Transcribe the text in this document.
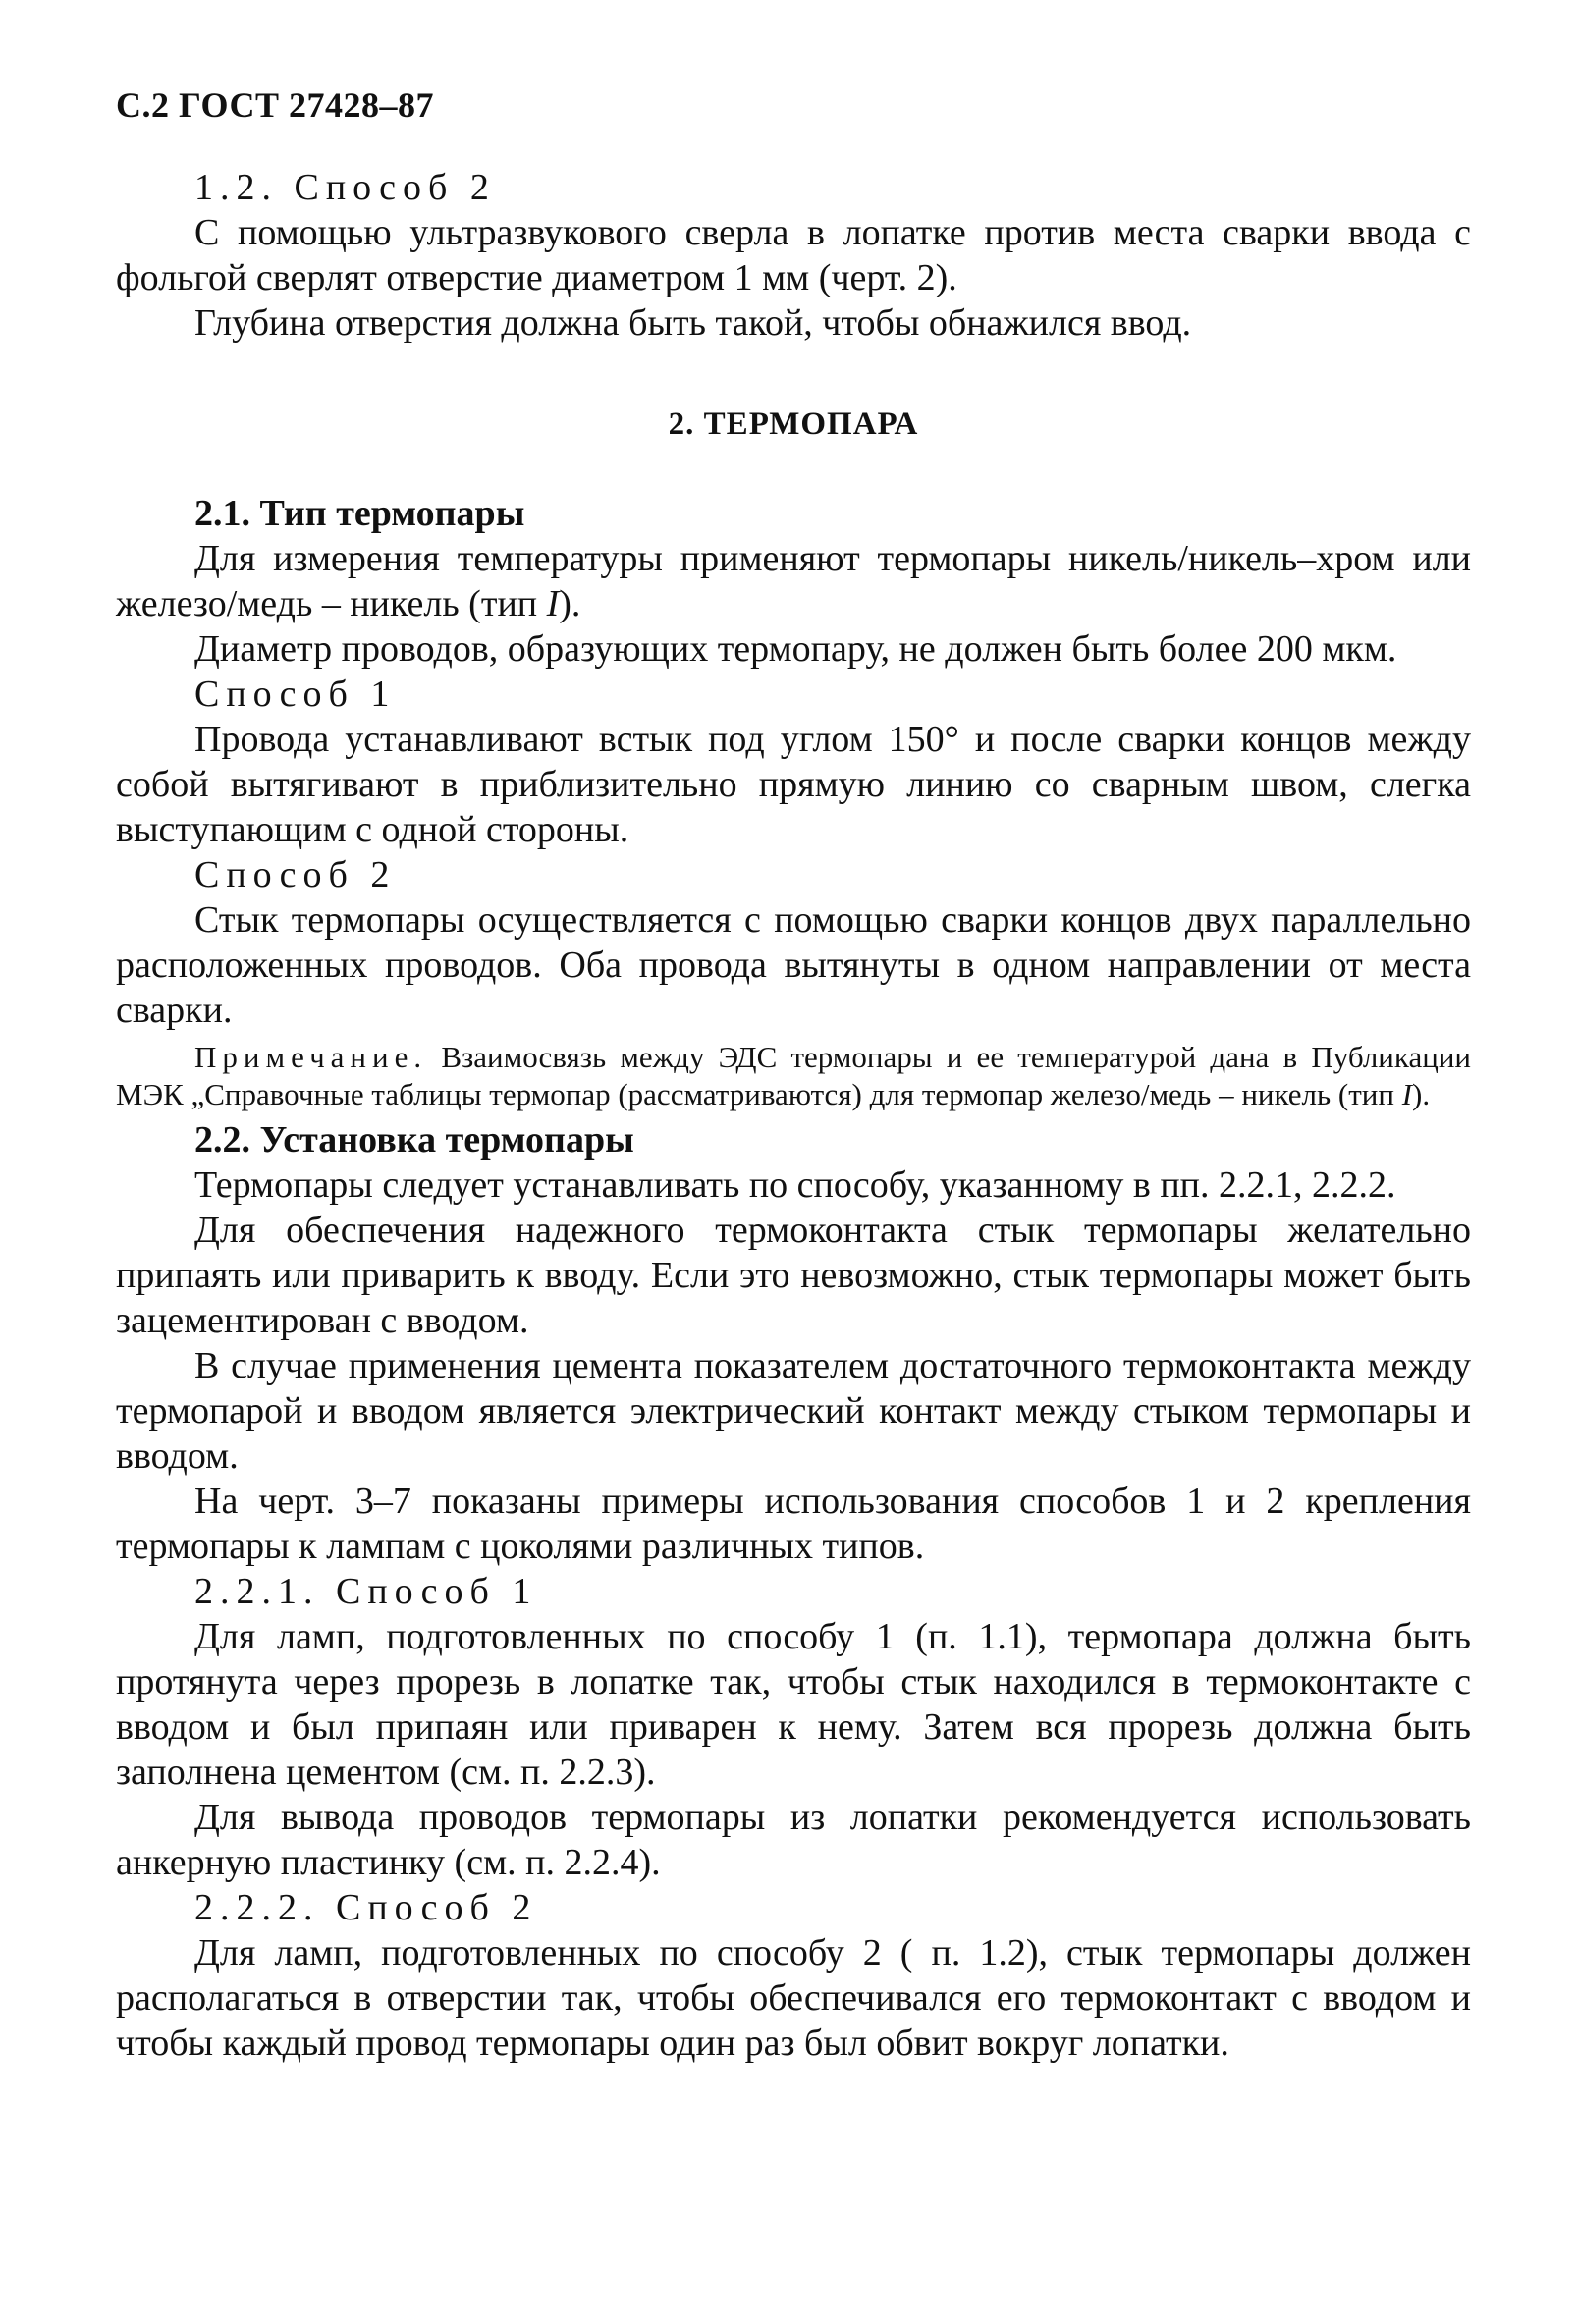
С.2 ГОСТ 27428–87

1.2. Способ 2

С помощью ультразвукового сверла в лопатке против места сварки ввода с фольгой сверлят отверстие диаметром 1 мм (черт. 2).

Глубина отверстия должна быть такой, чтобы обнажился ввод.

2. ТЕРМОПАРА

2.1. Тип термопары

Для измерения температуры применяют термопары никель/никель–хром или железо/медь – никель (тип I).

Диаметр проводов, образующих термопару, не должен быть более 200 мкм.

Способ 1

Провода устанавливают встык под углом 150° и после сварки концов между собой вытягивают в приблизительно прямую линию со сварным швом, слегка выступающим с одной стороны.

Способ 2

Стык термопары осуществляется с помощью сварки концов двух параллельно расположенных проводов. Оба провода вытянуты в одном направлении от места сварки.

Примечание. Взаимосвязь между ЭДС термопары и ее температурой дана в Публикации МЭК „Справочные таблицы термопар (рассматриваются) для термопар железо/медь – никель (тип I).

2.2. Установка термопары

Термопары следует устанавливать по способу, указанному в пп. 2.2.1, 2.2.2.

Для обеспечения надежного термоконтакта стык термопары желательно припаять или приварить к вводу. Если это невозможно, стык термопары может быть зацементирован с вводом.

В случае применения цемента показателем достаточного термоконтакта между термопарой и вводом является электрический контакт между стыком термопары и вводом.

На черт. 3–7 показаны примеры использования способов 1 и 2 крепления термопары к лампам с цоколями различных типов.

2.2.1. Способ 1

Для ламп, подготовленных по способу 1 (п. 1.1), термопара должна быть протянута через прорезь в лопатке так, чтобы стык находился в термоконтакте с вводом и был припаян или приварен к нему. Затем вся прорезь должна быть заполнена цементом (см. п. 2.2.3).

Для вывода проводов термопары из лопатки рекомендуется использовать анкерную пластинку (см. п. 2.2.4).

2.2.2. Способ 2

Для ламп, подготовленных по способу 2 ( п. 1.2), стык термопары должен располагаться в отверстии так, чтобы обеспечивался его термоконтакт с вводом и чтобы каждый провод термопары один раз был обвит вокруг лопатки.
